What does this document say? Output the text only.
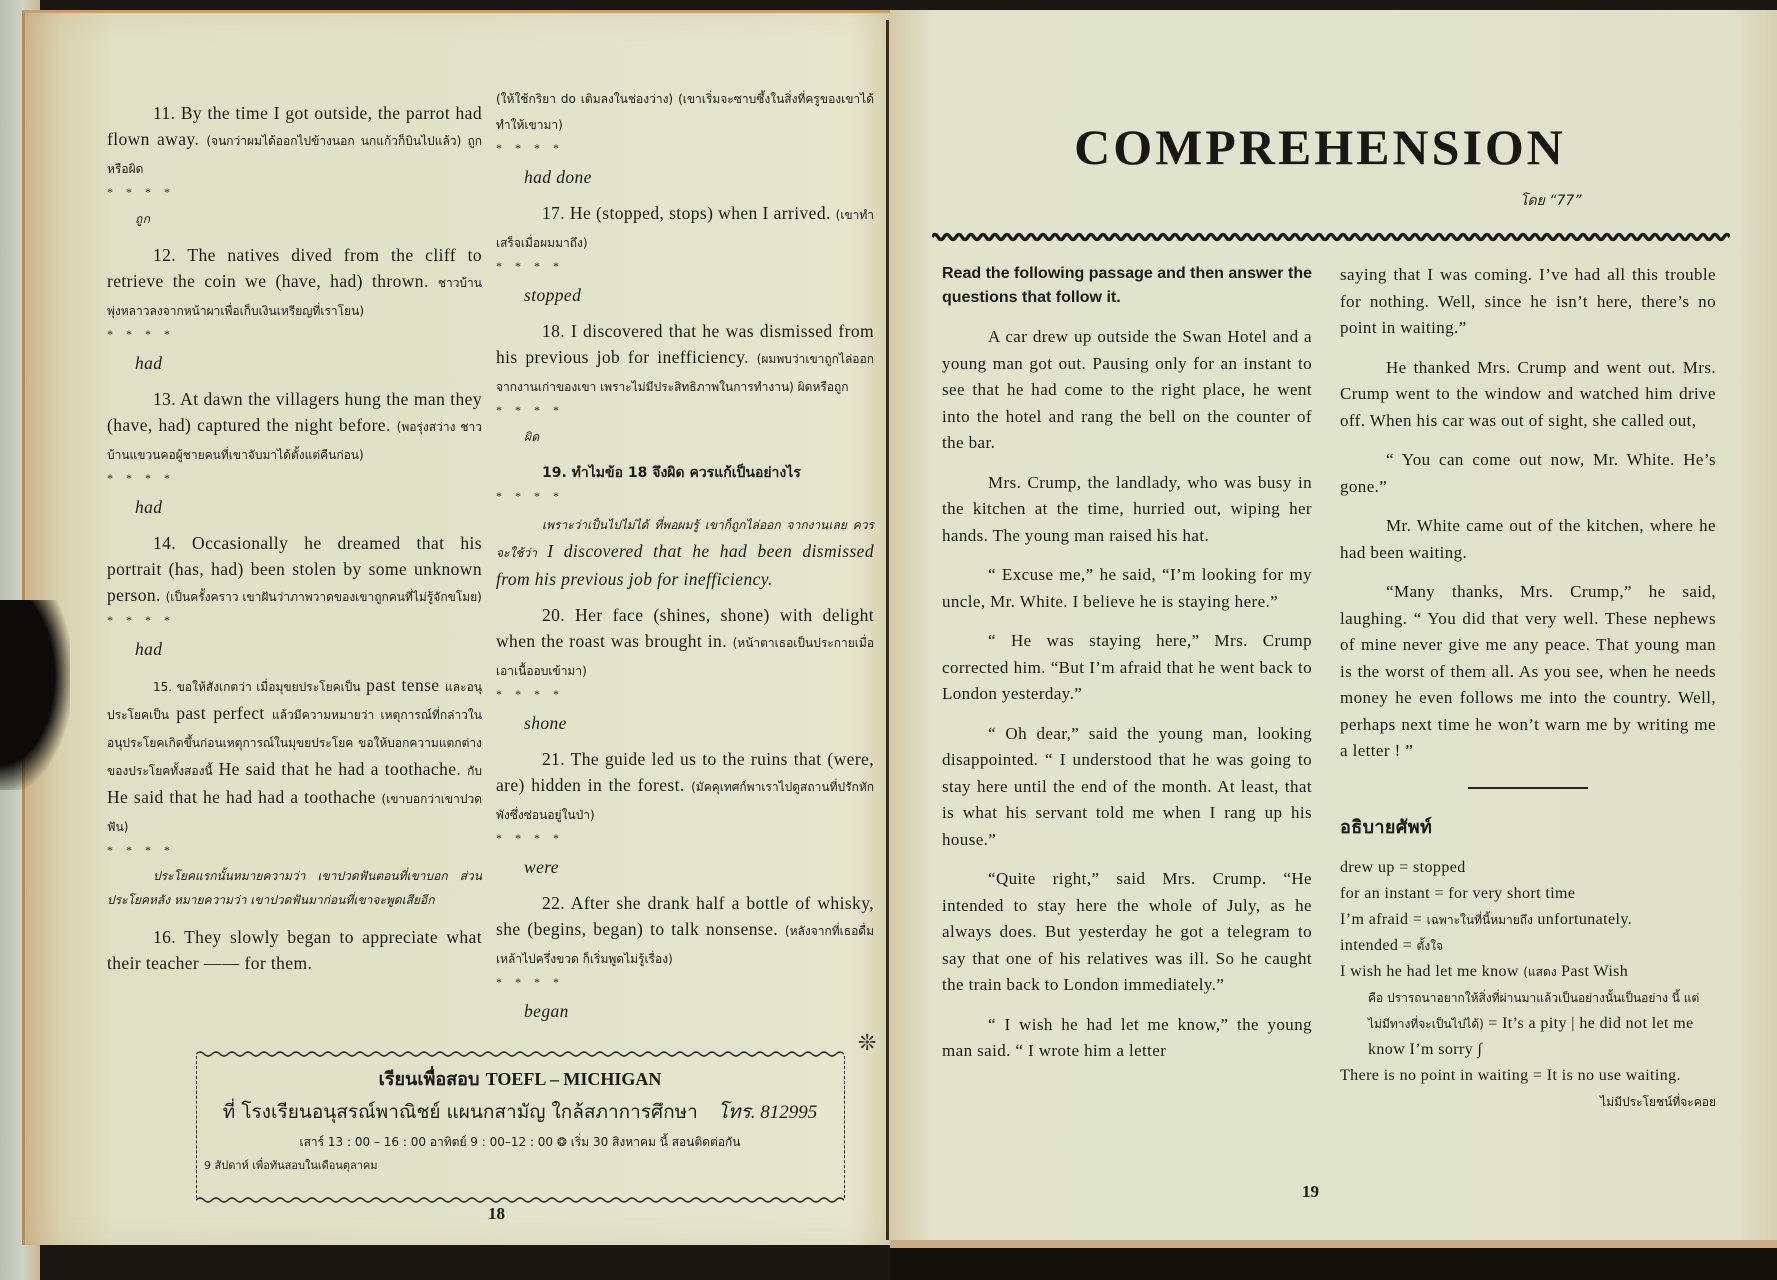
11. By the time I got outside, the parrot had flown away. (จนกว่าผมได้ออกไปข้างนอก นกแก้วก็บินไปแล้ว) ถูกหรือผิด

* * * *
ถูก

12. The natives dived from the cliff to retrieve the coin we (have, had) thrown. ชาวบ้านพุ่งหลาวลงจากหน้าผาเพื่อเก็บเงินเหรียญที่เราโยน)

* * * *
had

13. At dawn the villagers hung the man they (have, had) captured the night before. (พอรุ่งสว่าง ชาวบ้านแขวนคอผู้ชายคนที่เขาจับมาได้ตั้งแต่คืนก่อน)

* * * *
had

14. Occasionally he dreamed that his portrait (has, had) been stolen by some unknown person. (เป็นครั้งคราว เขาฝันว่าภาพวาดของเขาถูกคนที่ไม่รู้จักขโมย)

* * * *
had

15. ขอให้สังเกตว่า เมื่อมุขยประโยคเป็น past tense และอนุประโยคเป็น past perfect แล้วมีความหมายว่า เหตุการณ์ที่กล่าวในอนุประโยคเกิดขึ้นก่อนเหตุการณ์ในมุขยประโยค ขอให้บอกความแตกต่างของประโยคทั้งสองนี้ He said that he had a toothache. กับ He said that he had had a toothache (เขาบอกว่าเขาปวดฟัน)

* * * *

ประโยคแรกนั้นหมายความว่า เขาปวดฟันตอนที่เขาบอก ส่วนประโยคหลัง หมายความว่า เขาปวดฟันมาก่อนที่เขาจะพูดเสียอีก

16. They slowly began to appreciate what their teacher —— for them.

(ให้ใช้กริยา do เติมลงในช่องว่าง) (เขาเริ่มจะซาบซึ้งในสิ่งที่ครูของเขาได้ทำให้เขามา)

* * * *
had done

17. He (stopped, stops) when I arrived. (เขาทำเสร็จเมื่อผมมาถึง)

* * * *
stopped

18. I discovered that he was dismissed from his previous job for inefficiency. (ผมพบว่าเขาถูกไล่ออกจากงานเก่าของเขา เพราะไม่มีประสิทธิภาพในการทำงาน) ผิดหรือถูก

* * * *
ผิด

19. ทำไมข้อ 18 จึงผิด ควรแก้เป็นอย่างไร

* * * *

เพราะว่าเป็นไปไม่ได้ ที่พอผมรู้ เขาก็ถูกไล่ออก จากงานเลย ควรจะใช้ว่า I discovered that he had been dismissed from his previous job for inefficiency.

20. Her face (shines, shone) with delight when the roast was brought in. (หน้าตาเธอเป็นประกายเมื่อเอาเนื้ออบเข้ามา)

* * * *
shone

21. The guide led us to the ruins that (were, are) hidden in the forest. (มัคคุเทศก์พาเราไปดูสถานที่ปรักหักพังซึ่งซ่อนอยู่ในป่า)

* * * *
were

22. After she drank half a bottle of whisky, she (begins, began) to talk nonsense. (หลังจากที่เธอดื่มเหล้าไปครึ่งขวด ก็เริ่มพูดไม่รู้เรื่อง)

* * * *
began
❊
เรียนเพื่อสอบ TOEFL – MICHIGAN
ที่ โรงเรียนอนุสรณ์พาณิชย์ แผนกสามัญ ใกล้สภาการศึกษา โทร. 812995
เสาร์ 13 : 00 – 16 : 00 อาทิตย์ 9 : 00–12 : 00 ❂ เริ่ม 30 สิงหาคม นี้ สอนติดต่อกัน
9 สัปดาห์ เพื่อทันสอบในเดือนตุลาคม
18
COMPREHENSION
โดย “77”
Read the following passage and then answer the questions that follow it.

A car drew up outside the Swan Hotel and a young man got out. Pausing only for an instant to see that he had come to the right place, he went into the hotel and rang the bell on the counter of the bar.

Mrs. Crump, the landlady, who was busy in the kitchen at the time, hurried out, wiping her hands. The young man raised his hat.

“ Excuse me,” he said, “I’m looking for my uncle, Mr. White. I believe he is staying here.”

“ He was staying here,” Mrs. Crump corrected him. “But I’m afraid that he went back to London yesterday.”

“ Oh dear,” said the young man, looking disappointed. “ I understood that he was going to stay here until the end of the month. At least, that is what his servant told me when I rang up his house.”

“Quite right,” said Mrs. Crump. “He intended to stay here the whole of July, as he always does. But yesterday he got a telegram to say that one of his relatives was ill. So he caught the train back to London immediately.”

“ I wish he had let me know,” the young man said. “ I wrote him a letter

saying that I was coming. I’ve had all this trouble for nothing. Well, since he isn’t here, there’s no point in waiting.”

He thanked Mrs. Crump and went out. Mrs. Crump went to the window and watched him drive off. When his car was out of sight, she called out,

“ You can come out now, Mr. White. He’s gone.”

Mr. White came out of the kitchen, where he had been waiting.

“Many thanks, Mrs. Crump,” he said, laughing. “ You did that very well. These nephews of mine never give me any peace. That young man is the worst of them all. As you see, when he needs money he even follows me into the country. Well, perhaps next time he won’t warn me by writing me a letter ! ”

อธิบายศัพท์

drew up = stopped

for an instant = for very short time

I’m afraid = เฉพาะในที่นี้หมายถึง unfortunately.

intended = ตั้งใจ

I wish he had let me know (แสดง Past Wish

คือ ปรารถนาอยากให้สิ่งที่ผ่านมาแล้วเป็นอย่างนั้นเป็นอย่าง นี้ แต่ไม่มีทางที่จะเป็นไปได้) = It’s a pity | he did not let me know I’m sorry ∫

There is no point in waiting = It is no use waiting.

ไม่มีประโยชน์ที่จะคอย

19
